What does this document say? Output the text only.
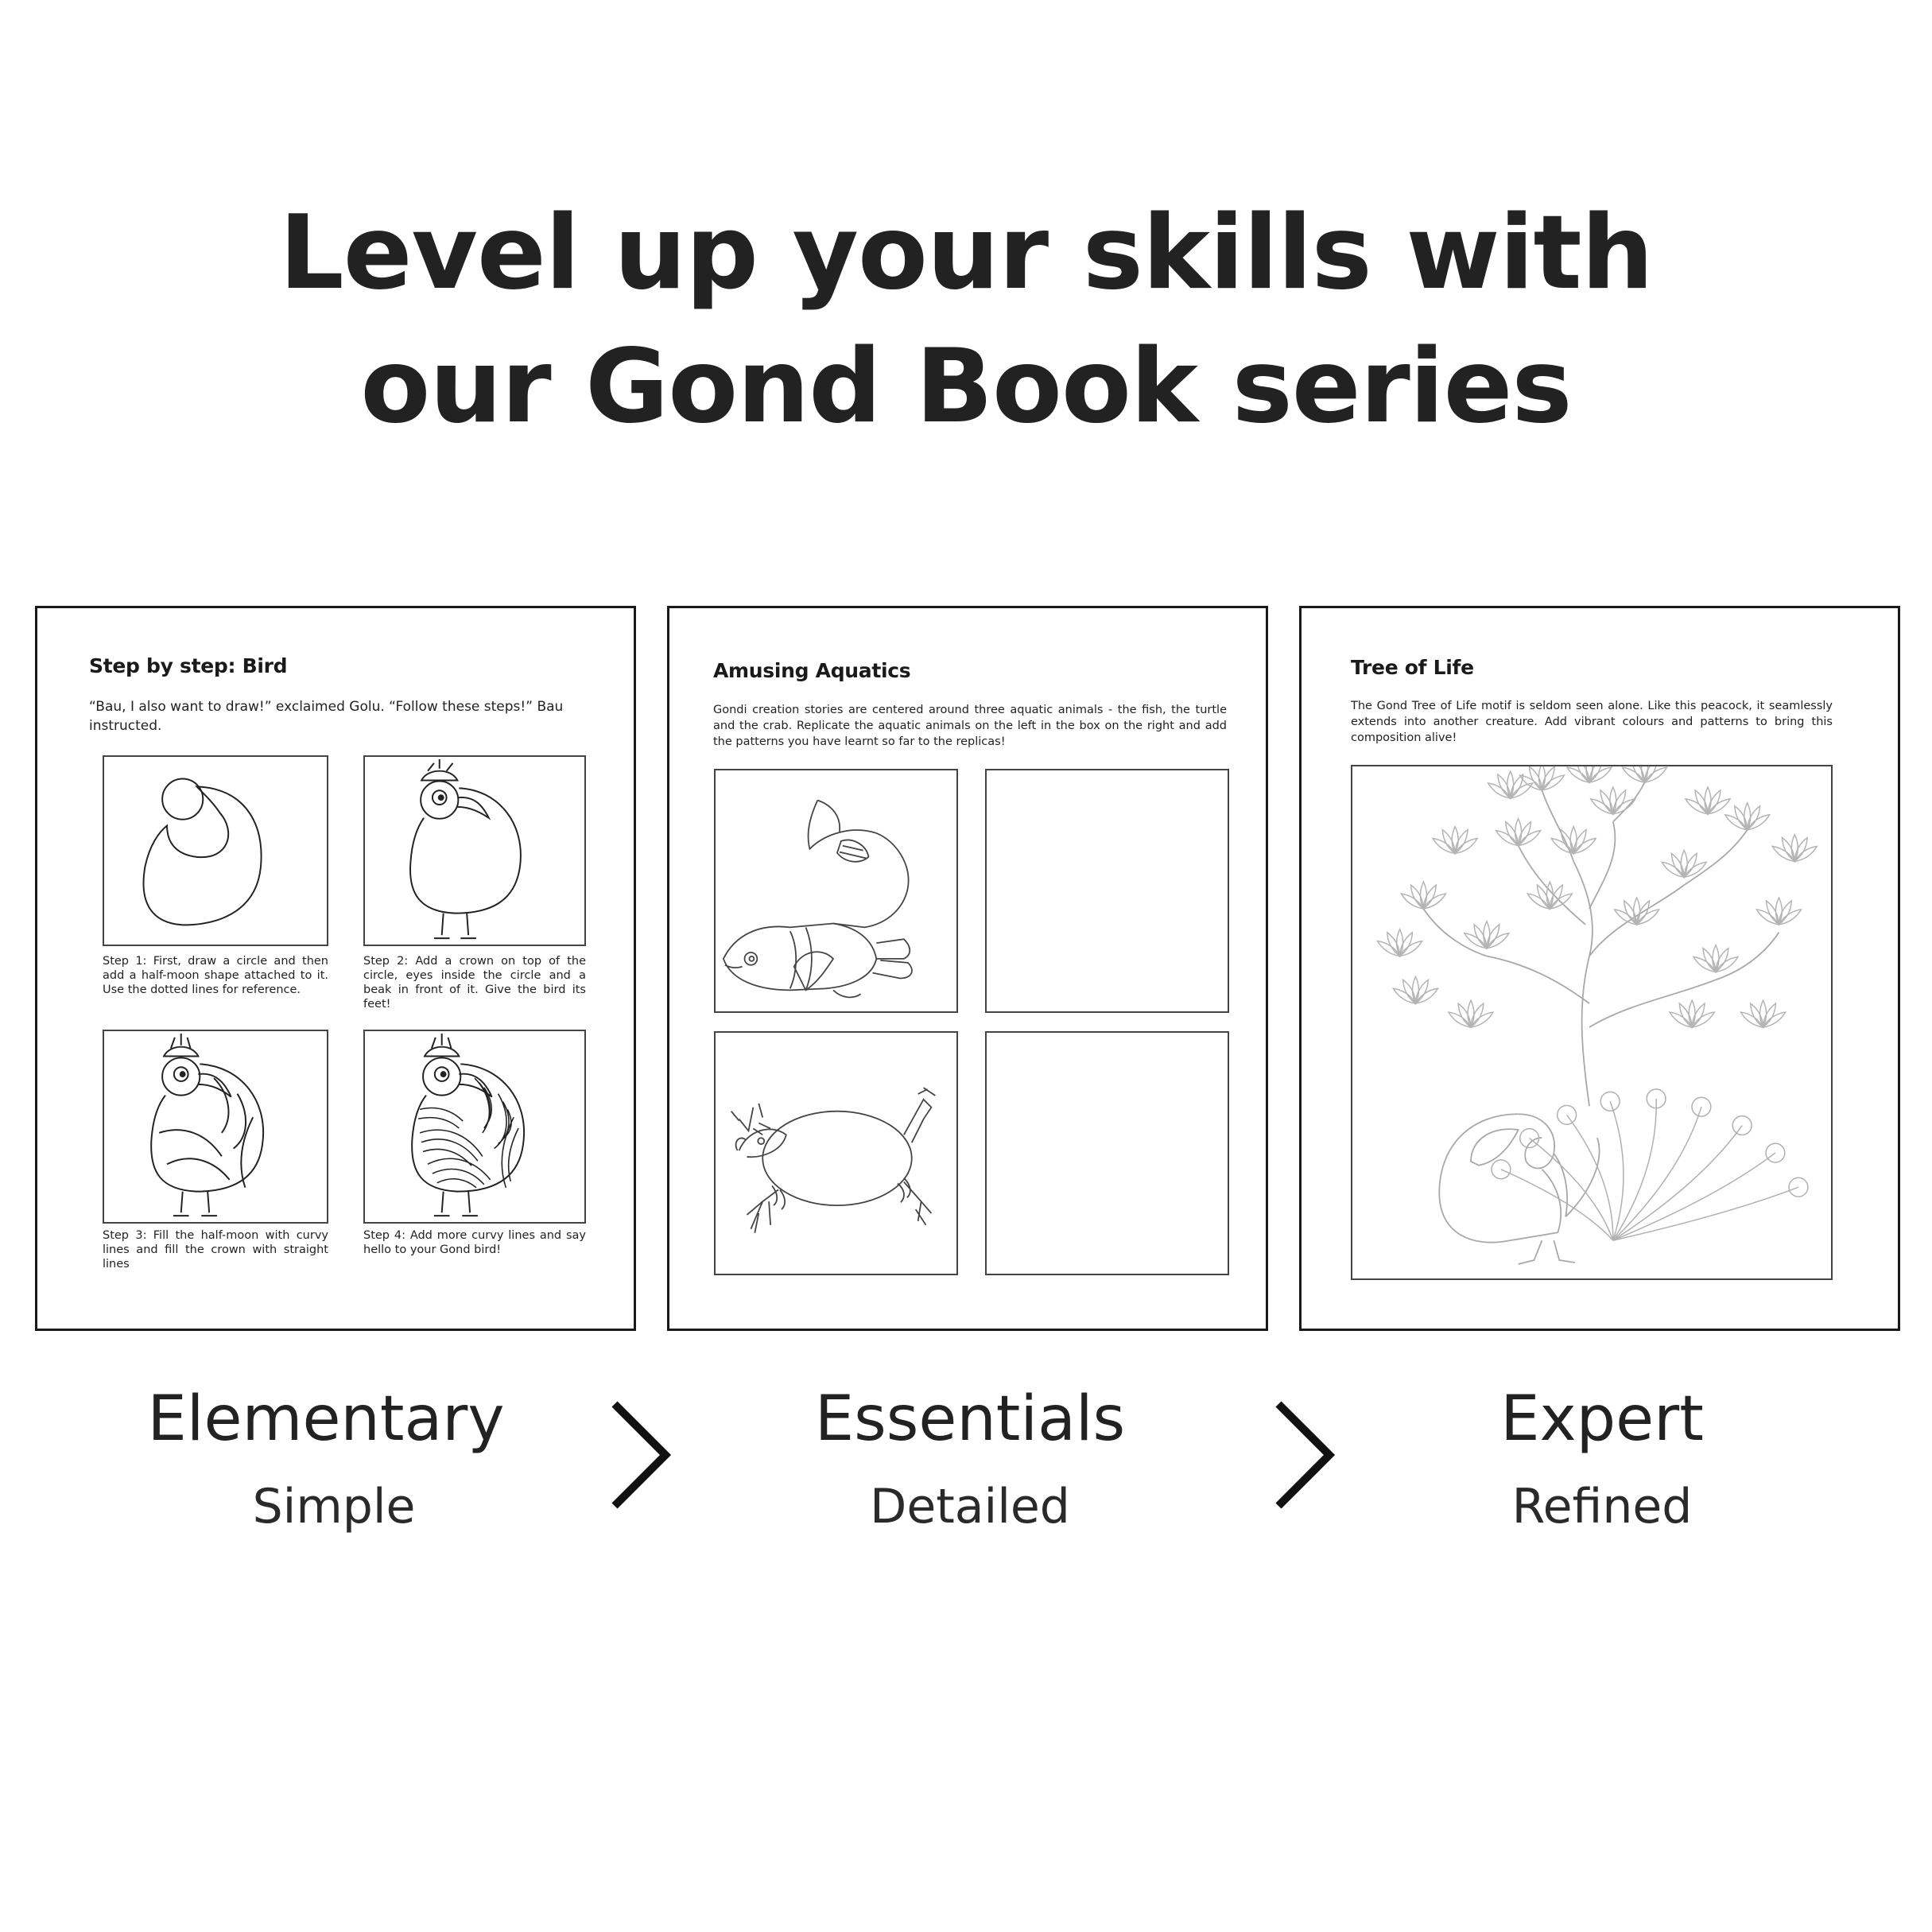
Level up your skills with
our Gond Book series
Step by step: Bird
“Bau, I also want to draw!” exclaimed Golu. “Follow these steps!” Bau instructed.
Step 1: First, draw a circle and then add a half-moon shape attached to it. Use the dotted lines for reference.
Step 2: Add a crown on top of the circle, eyes inside the circle and a beak in front of it. Give the bird its feet!
Step 3: Fill the half-moon with curvy lines and fill the crown with straight lines
Step 4: Add more curvy lines and say hello to your Gond bird!
Amusing Aquatics
Gondi creation stories are centered around three aquatic animals - the fish, the turtle and the crab. Replicate the aquatic animals on the left in the box on the right and add the patterns you have learnt so far to the replicas!
Tree of Life
The Gond Tree of Life motif is seldom seen alone. Like this peacock, it seamlessly extends into another creature. Add vibrant colours and patterns to bring this composition alive!
Elementary
Simple
Essentials
Detailed
Expert
Refined
